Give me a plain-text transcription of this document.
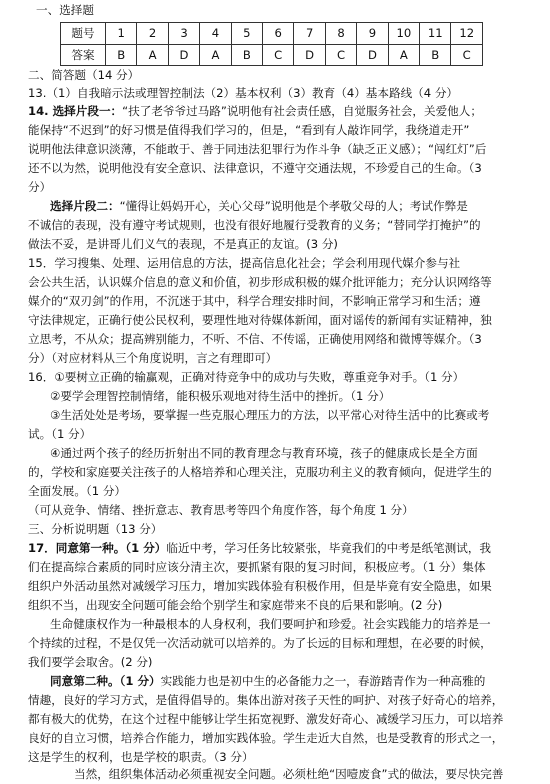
一、选择题
题号	1	2	3	4	5	6	7	8	9	10	11	12
答案	B	A	D	A	B	C	D	C	D	A	B	C
二、简答题（14 分）
13.（1）自我暗示法或理智控制法（2）基本权利（3）教育（4）基本路线（4 分）
14. 选择片段一：“扶了老爷爷过马路”说明他有社会责任感，自觉服务社会，关爱他人；
能保持“不迟到”的好习惯是值得我们学习的，但是，“看到有人敲诈同学，我绕道走开”
说明他法律意识淡薄，不能敢于、善于同违法犯罪行为作斗争（缺乏正义感）；“闯红灯”后
还不以为然，说明他没有安全意识、法律意识，不遵守交通法规，不珍爱自己的生命。（3
分）
选择片段二：“懂得让妈妈开心，关心父母”说明他是个孝敬父母的人；考试作弊是
不诚信的表现，没有遵守考试规则，也没有很好地履行受教育的义务；“替同学打掩护”的
做法不妥，是讲哥儿们义气的表现，不是真正的友谊。(3 分)
15．学习搜集、处理、运用信息的方法，提高信息化社会；学会利用现代媒介参与社
会公共生活，认识媒介信息的意义和价值，初步形成积极的媒介批评能力；充分认识网络等
媒介的“双刃剑”的作用，不沉迷于其中，科学合理安排时间，不影响正常学习和生活；遵
守法律规定，正确行使公民权利，要理性地对待媒体新闻，面对谣传的新闻有实证精神，独
立思考，不从众；提高辨别能力，不听、不信、不传谣，正确使用网络和微博等媒介。（3
分）（对应材料从三个角度说明，言之有理即可）
16．①要树立正确的输赢观，正确对待竞争中的成功与失败，尊重竞争对手。（1 分）
②要学会理智控制情绪，能积极乐观地对待生活中的挫折。（1 分）
③生活处处是考场，要掌握一些克服心理压力的方法，以平常心对待生活中的比赛或考
试。（1 分）
④通过两个孩子的经历折射出不同的教育理念与教育环境，孩子的健康成长是全方面
的，学校和家庭要关注孩子的人格培养和心理关注，克服功利主义的教育倾向，促进学生的
全面发展。（1 分）
（可从竞争、情绪、挫折意志、教育思考等四个角度作答，每个角度 1 分）
三、分析说明题（13 分）
17．同意第一种。（1 分）临近中考，学习任务比较紧张，毕竟我们的中考是纸笔测试，我
们在提高综合素质的同时应该分清主次，要抓紧有限的复习时间，积极应考。（1 分）集体
组织户外活动虽然对减缓学习压力，增加实践体验有积极作用，但是毕竟有安全隐患，如果
组织不当，出现安全问题可能会给个别学生和家庭带来不良的后果和影响。(2 分)
生命健康权作为一种最根本的人身权利，我们要呵护和珍爱。社会实践能力的培养是一
个持续的过程，不是仅凭一次活动就可以培养的。为了长远的目标和理想，在必要的时候，
我们要学会取舍。(2 分)
同意第二种。（1 分）实践能力也是初中生的必备能力之一，春游踏青作为一种高雅的
情趣，良好的学习方式，是值得倡导的。集体出游对孩子天性的呵护、对孩子好奇心的培养，
都有极大的优势，在这个过程中能够让学生拓宽视野、激发好奇心、减缓学习压力，可以培养
良好的自立习惯，培养合作能力，增加实践体验。学生走近大自然，也是受教育的形式之一，
这是学生的权利，也是学校的职责。（3 分）
当然，组织集体活动必须重视安全问题。必须杜绝“因噎废食”式的做法，要尽快完善
